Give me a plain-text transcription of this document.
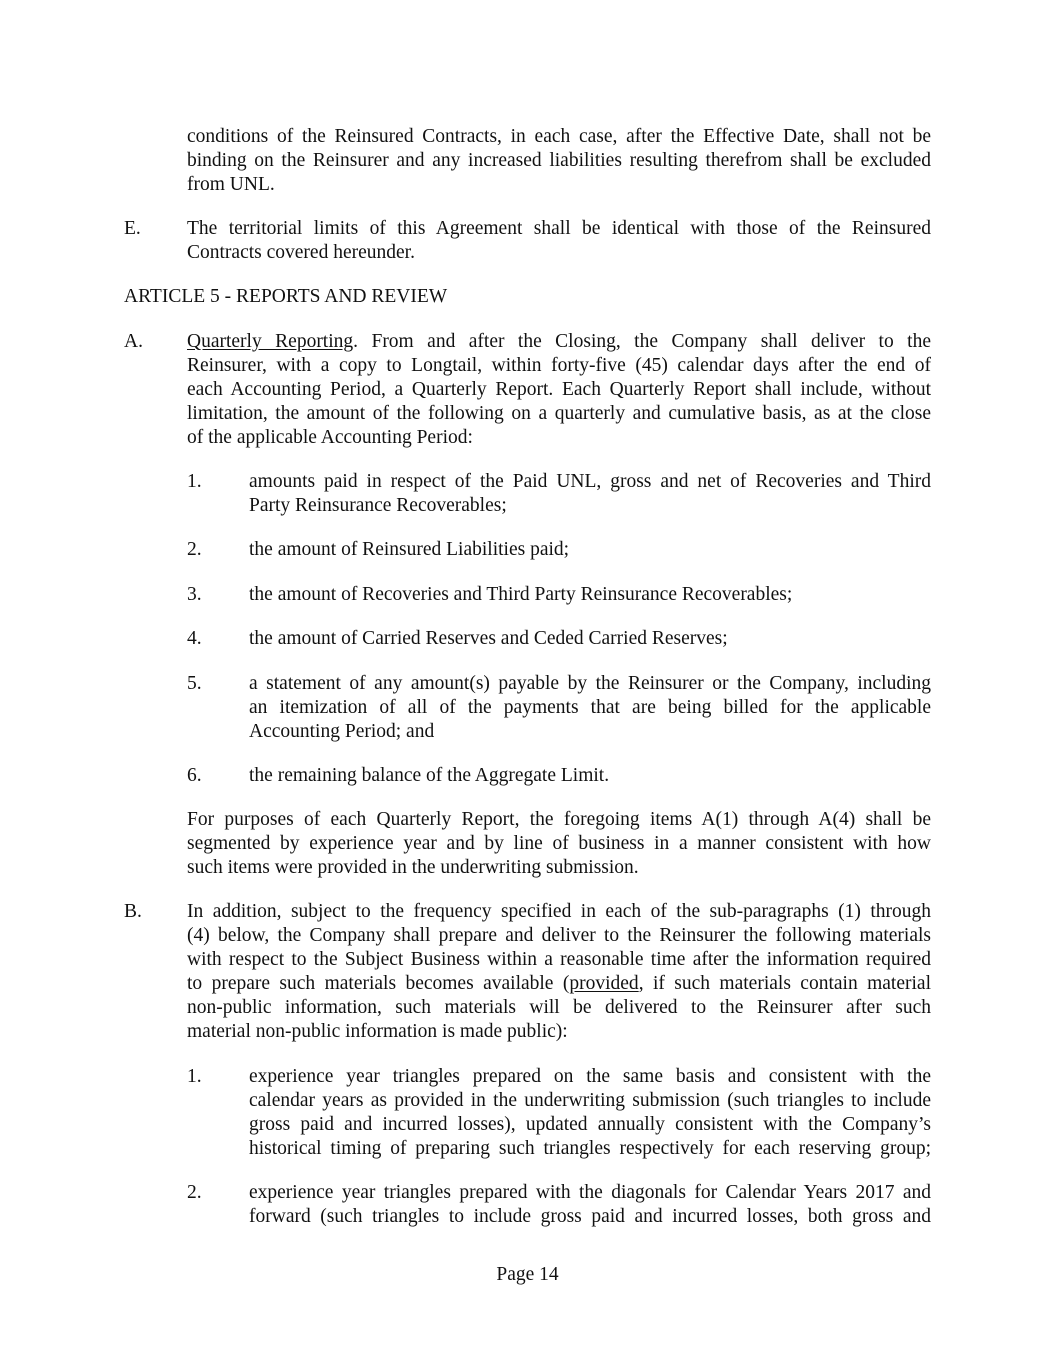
conditions of the Reinsured Contracts, in each case, after the Effective Date, shall not be
binding on the Reinsurer and any increased liabilities resulting therefrom shall be excluded
from UNL.
E. The territorial limits of this Agreement shall be identical with those of the Reinsured
Contracts covered hereunder.
ARTICLE 5 - REPORTS AND REVIEW
A. Quarterly Reporting. From and after the Closing, the Company shall deliver to the
Reinsurer, with a copy to Longtail, within forty-five (45) calendar days after the end of
each Accounting Period, a Quarterly Report. Each Quarterly Report shall include, without
limitation, the amount of the following on a quarterly and cumulative basis, as at the close
of the applicable Accounting Period:
1. amounts paid in respect of the Paid UNL, gross and net of Recoveries and Third
Party Reinsurance Recoverables;
2. the amount of Reinsured Liabilities paid;
3. the amount of Recoveries and Third Party Reinsurance Recoverables;
4. the amount of Carried Reserves and Ceded Carried Reserves;
5. a statement of any amount(s) payable by the Reinsurer or the Company, including
an itemization of all of the payments that are being billed for the applicable
Accounting Period; and
6. the remaining balance of the Aggregate Limit.
For purposes of each Quarterly Report, the foregoing items A(1) through A(4) shall be
segmented by experience year and by line of business in a manner consistent with how
such items were provided in the underwriting submission.
B. In addition, subject to the frequency specified in each of the sub-paragraphs (1) through
(4) below, the Company shall prepare and deliver to the Reinsurer the following materials
with respect to the Subject Business within a reasonable time after the information required
to prepare such materials becomes available (provided, if such materials contain material
non-public information, such materials will be delivered to the Reinsurer after such
material non-public information is made public):
1. experience year triangles prepared on the same basis and consistent with the
calendar years as provided in the underwriting submission (such triangles to include
gross paid and incurred losses), updated annually consistent with the Company’s
historical timing of preparing such triangles respectively for each reserving group;
2. experience year triangles prepared with the diagonals for Calendar Years 2017 and
forward (such triangles to include gross paid and incurred losses, both gross and
Page 14
